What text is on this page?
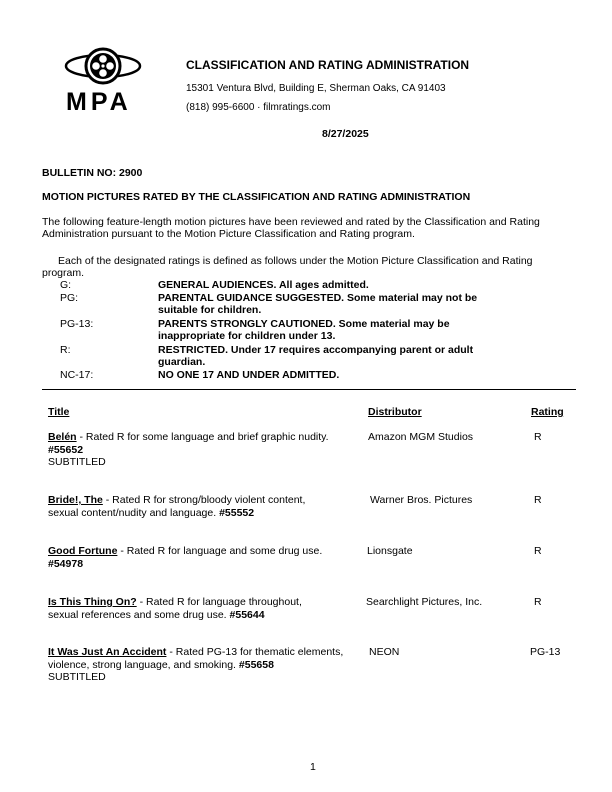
MPA
CLASSIFICATION AND RATING ADMINISTRATION
15301 Ventura Blvd, Building E, Sherman Oaks, CA 91403
(818) 995-6600 · filmratings.com
8/27/2025
BULLETIN NO: 2900
MOTION PICTURES RATED BY THE CLASSIFICATION AND RATING ADMINISTRATION
The following feature-length motion pictures have been reviewed and rated by the Classification and Rating Administration pursuant to the Motion Picture Classification and Rating program.
Each of the designated ratings is defined as follows under the Motion Picture Classification and Rating program.
G:	GENERAL AUDIENCES. All ages admitted.
PG:	PARENTAL GUIDANCE SUGGESTED. Some material may not be suitable for children.
PG-13:	PARENTS STRONGLY CAUTIONED. Some material may be inappropriate for children under 13.
R:	RESTRICTED. Under 17 requires accompanying parent or adult guardian.
NC-17:	NO ONE 17 AND UNDER ADMITTED.
Title	Distributor	Rating
Belén - Rated R for some language and brief graphic nudity.
#55652
SUBTITLED
Amazon MGM Studios	R
Bride!, The - Rated R for strong/bloody violent content, sexual content/nudity and language. #55552
Warner Bros. Pictures	R
Good Fortune - Rated R for language and some drug use.
#54978
Lionsgate	R
Is This Thing On? - Rated R for language throughout, sexual references and some drug use. #55644
Searchlight Pictures, Inc.	R
It Was Just An Accident - Rated PG-13 for thematic elements, violence, strong language, and smoking. #55658
SUBTITLED
NEON	PG-13
1
